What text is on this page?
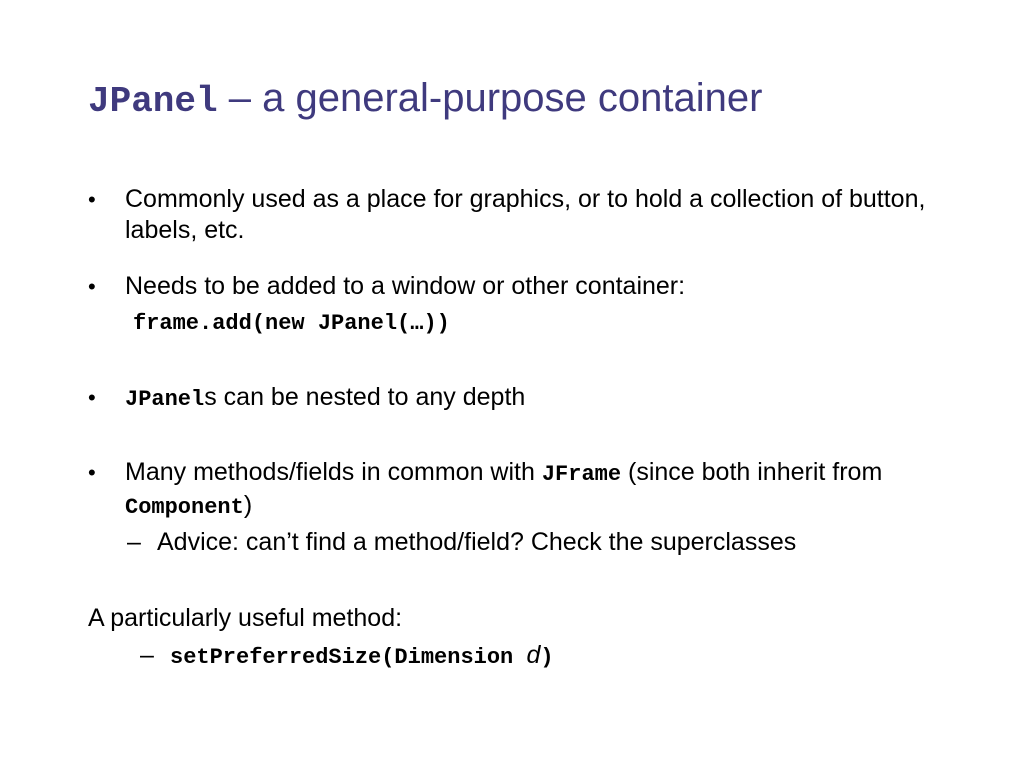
JPanel – a general-purpose container
•	Commonly used as a place for graphics, or to hold a collection of button, labels, etc.
•	Needs to be added to a window or other container:
frame.add(new JPanel(…))
•	JPanels can be nested to any depth
•	Many methods/fields in common with JFrame (since both inherit from Component)
– Advice: can’t find a method/field? Check the superclasses
A particularly useful method:
– setPreferredSize(Dimension d)
